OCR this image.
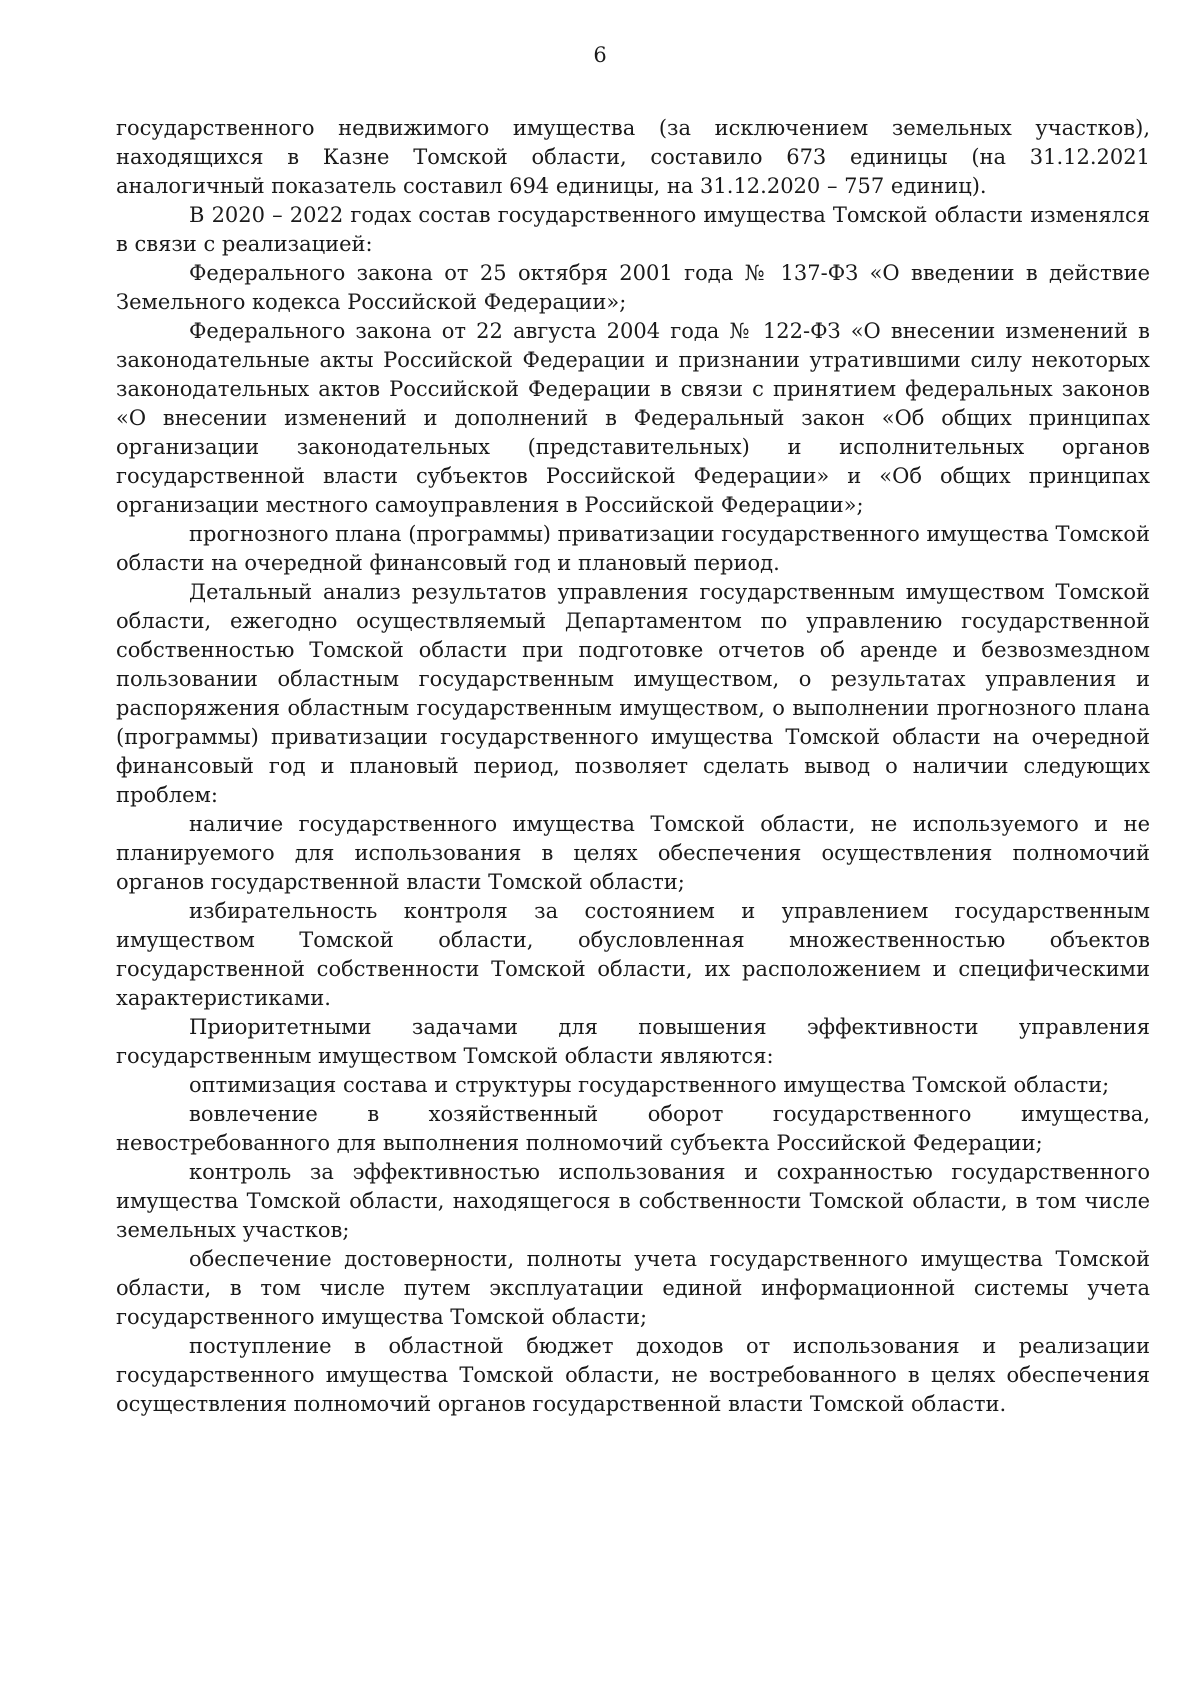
6

государственного недвижимого имущества (за исключением земельных участков), находящихся в Казне Томской области, составило 673 единицы (на 31.12.2021 аналогичный показатель составил 694 единицы, на 31.12.2020 – 757 единиц).

В 2020 – 2022 годах состав государственного имущества Томской области изменялся в связи с реализацией:

Федерального закона от 25 октября 2001 года № 137-ФЗ «О введении в действие Земельного кодекса Российской Федерации»;

Федерального закона от 22 августа 2004 года № 122-ФЗ «О внесении изменений в законодательные акты Российской Федерации и признании утратившими силу некоторых законодательных актов Российской Федерации в связи с принятием федеральных законов «О внесении изменений и дополнений в Федеральный закон «Об общих принципах организации законодательных (представительных) и исполнительных органов государственной власти субъектов Российской Федерации» и «Об общих принципах организации местного самоуправления в Российской Федерации»;

прогнозного плана (программы) приватизации государственного имущества Томской области на очередной финансовый год и плановый период.

Детальный анализ результатов управления государственным имуществом Томской области, ежегодно осуществляемый Департаментом по управлению государственной собственностью Томской области при подготовке отчетов об аренде и безвозмездном пользовании областным государственным имуществом, о результатах управления и распоряжения областным государственным имуществом, о выполнении прогнозного плана (программы) приватизации государственного имущества Томской области на очередной финансовый год и плановый период, позволяет сделать вывод о наличии следующих проблем:

наличие государственного имущества Томской области, не используемого и не планируемого для использования в целях обеспечения осуществления полномочий органов государственной власти Томской области;

избирательность контроля за состоянием и управлением государственным имуществом Томской области, обусловленная множественностью объектов государственной собственности Томской области, их расположением и специфическими характеристиками.

Приоритетными задачами для повышения эффективности управления государственным имуществом Томской области являются:

оптимизация состава и структуры государственного имущества Томской области;

вовлечение в хозяйственный оборот государственного имущества, невостребованного для выполнения полномочий субъекта Российской Федерации;

контроль за эффективностью использования и сохранностью государственного имущества Томской области, находящегося в собственности Томской области, в том числе земельных участков;

обеспечение достоверности, полноты учета государственного имущества Томской области, в том числе путем эксплуатации единой информационной системы учета государственного имущества Томской области;

поступление в областной бюджет доходов от использования и реализации государственного имущества Томской области, не востребованного в целях обеспечения осуществления полномочий органов государственной власти Томской области.
